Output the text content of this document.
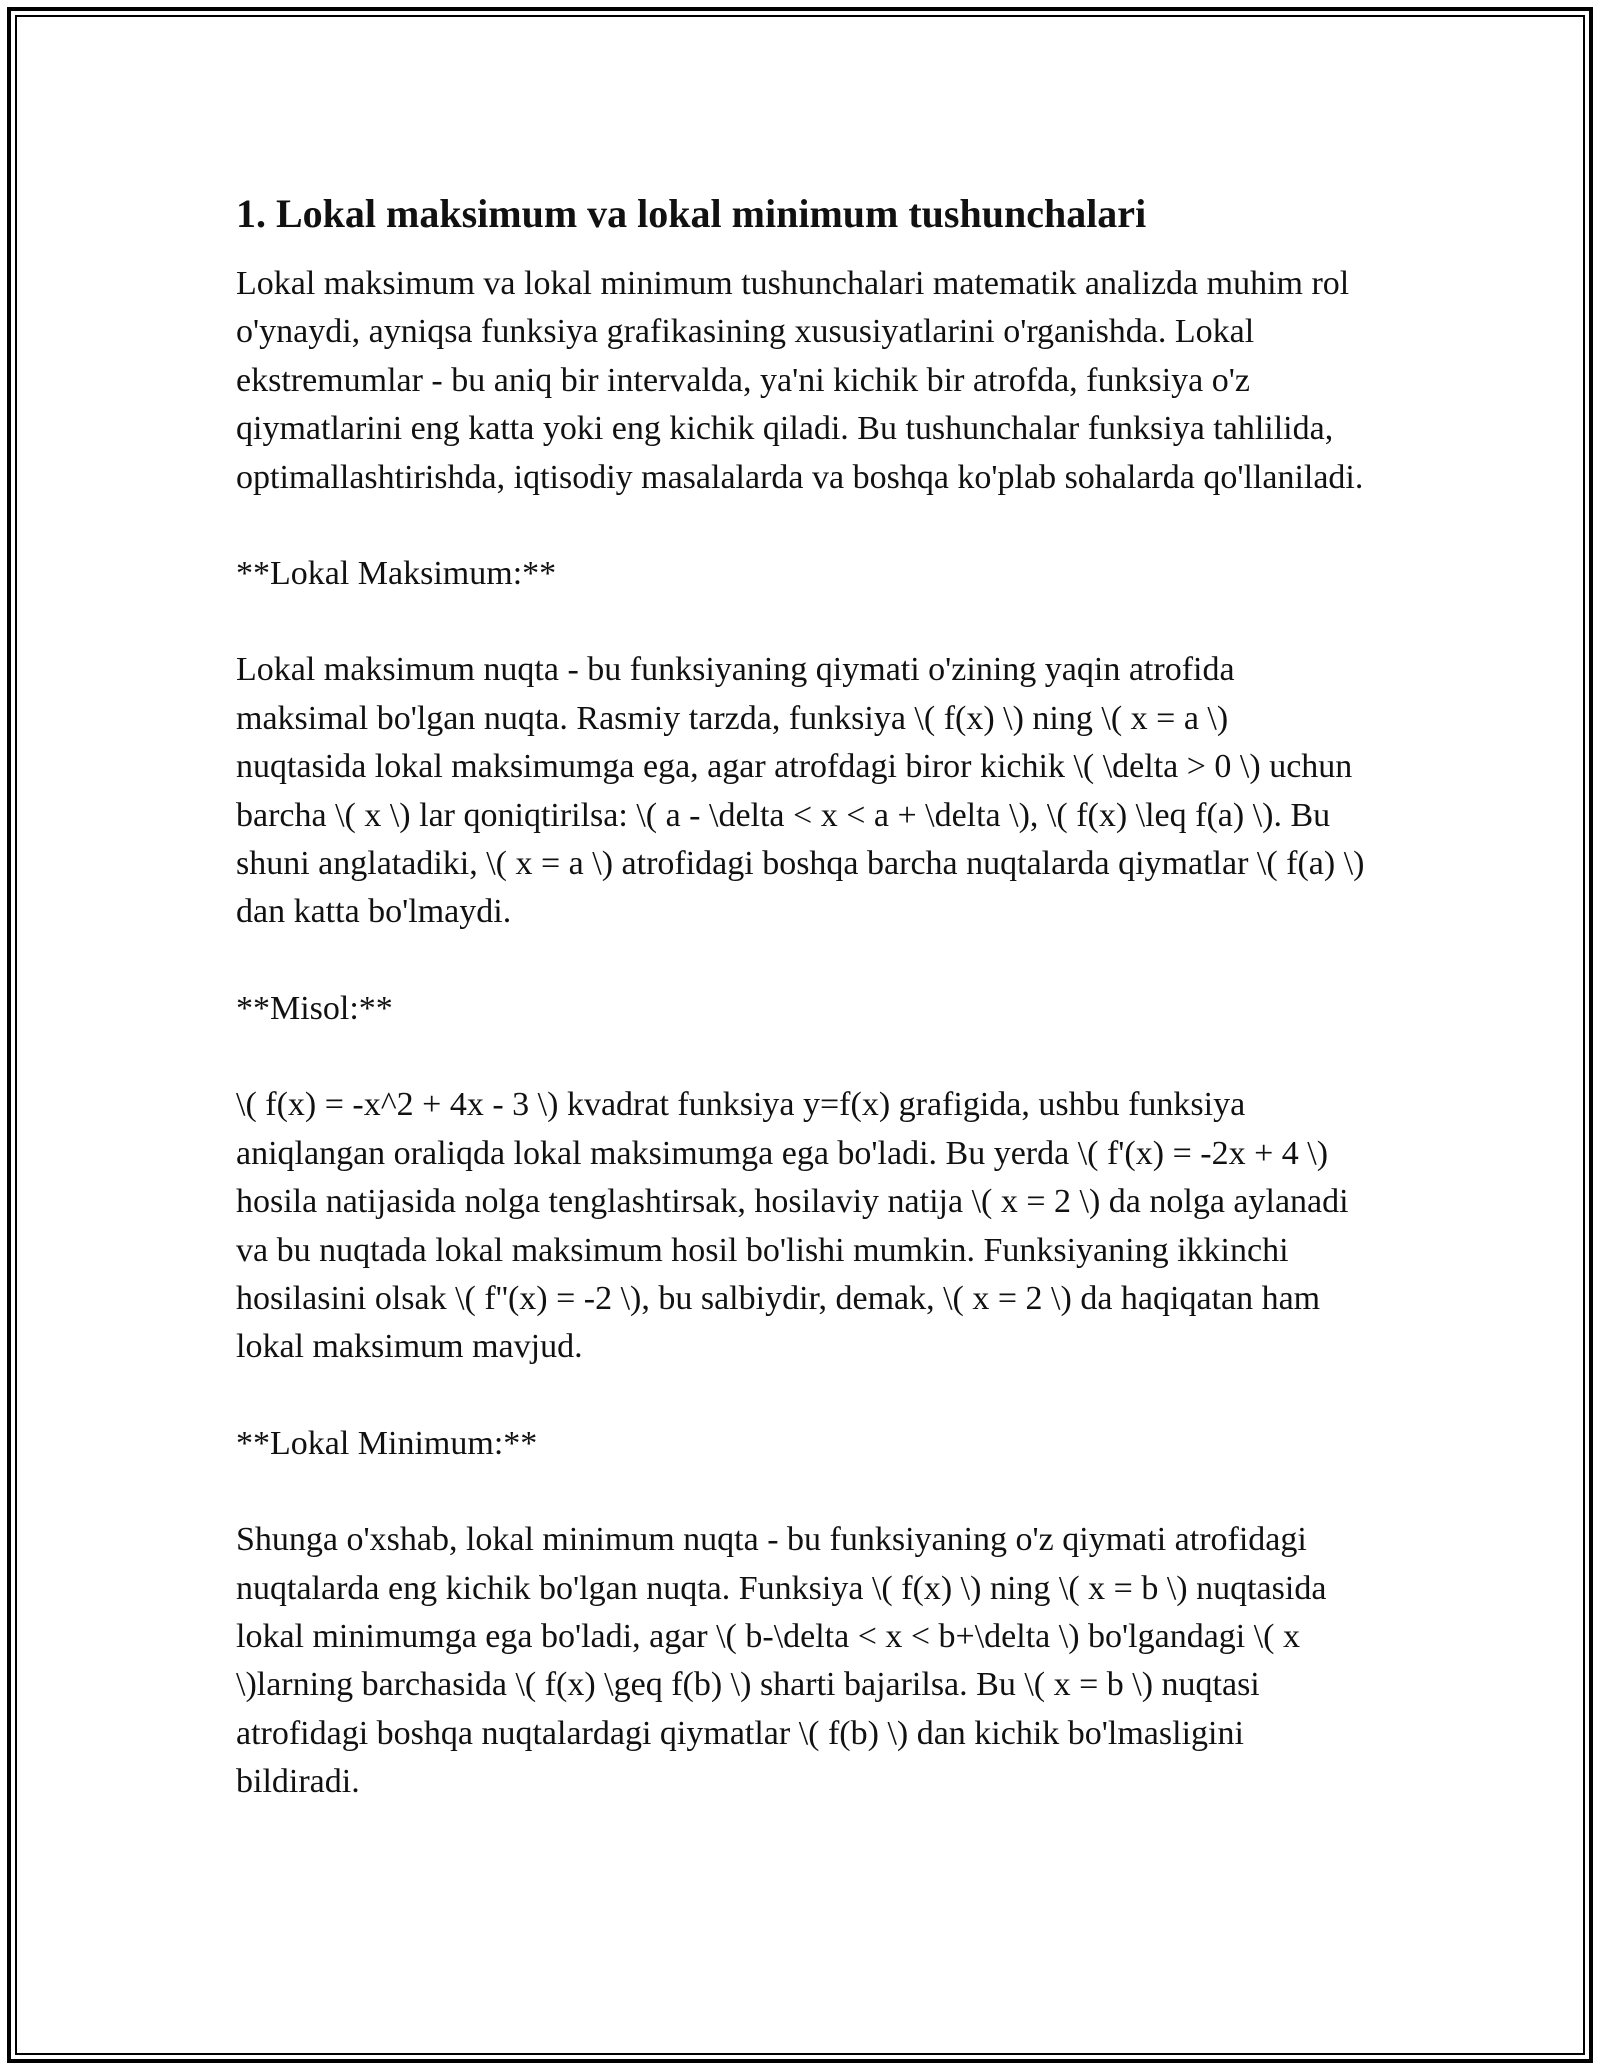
1. Lokal maksimum va lokal minimum tushunchalari

Lokal maksimum va lokal minimum tushunchalari matematik analizda muhim rol o'ynaydi, ayniqsa funksiya grafikasining xususiyatlarini o'rganishda. Lokal ekstremumlar - bu aniq bir intervalda, ya'ni kichik bir atrofda, funksiya o'z qiymatlarini eng katta yoki eng kichik qiladi. Bu tushunchalar funksiya tahlilida, optimallashtirishda, iqtisodiy masalalarda va boshqa ko'plab sohalarda qo'llaniladi.

**Lokal Maksimum:**

Lokal maksimum nuqta - bu funksiyaning qiymati o'zining yaqin atrofida maksimal bo'lgan nuqta. Rasmiy tarzda, funksiya \( f(x) \) ning \( x = a \) nuqtasida lokal maksimumga ega, agar atrofdagi biror kichik \( \delta > 0 \) uchun barcha \( x \) lar qoniqtirilsa: \( a - \delta < x < a + \delta \), \( f(x) \leq f(a) \). Bu shuni anglatadiki, \( x = a \) atrofidagi boshqa barcha nuqtalarda qiymatlar \( f(a) \) dan katta bo'lmaydi.

**Misol:**

\( f(x) = -x^2 + 4x - 3 \) kvadrat funksiya y=f(x) grafigida, ushbu funksiya aniqlangan oraliqda lokal maksimumga ega bo'ladi. Bu yerda \( f'(x) = -2x + 4 \) hosila natijasida nolga tenglashtirsak, hosilaviy natija \( x = 2 \) da nolga aylanadi va bu nuqtada lokal maksimum hosil bo'lishi mumkin. Funksiyaning ikkinchi hosilasini olsak \( f''(x) = -2 \), bu salbiydir, demak, \( x = 2 \) da haqiqatan ham lokal maksimum mavjud.

**Lokal Minimum:**

Shunga o'xshab, lokal minimum nuqta - bu funksiyaning o'z qiymati atrofidagi nuqtalarda eng kichik bo'lgan nuqta. Funksiya \( f(x) \) ning \( x = b \) nuqtasida lokal minimumga ega bo'ladi, agar \( b-\delta < x < b+\delta \) bo'lgandagi \( x \)larning barchasida \( f(x) \geq f(b) \) sharti bajarilsa. Bu \( x = b \) nuqtasi atrofidagi boshqa nuqtalardagi qiymatlar \( f(b) \) dan kichik bo'lmasligini bildiradi.
